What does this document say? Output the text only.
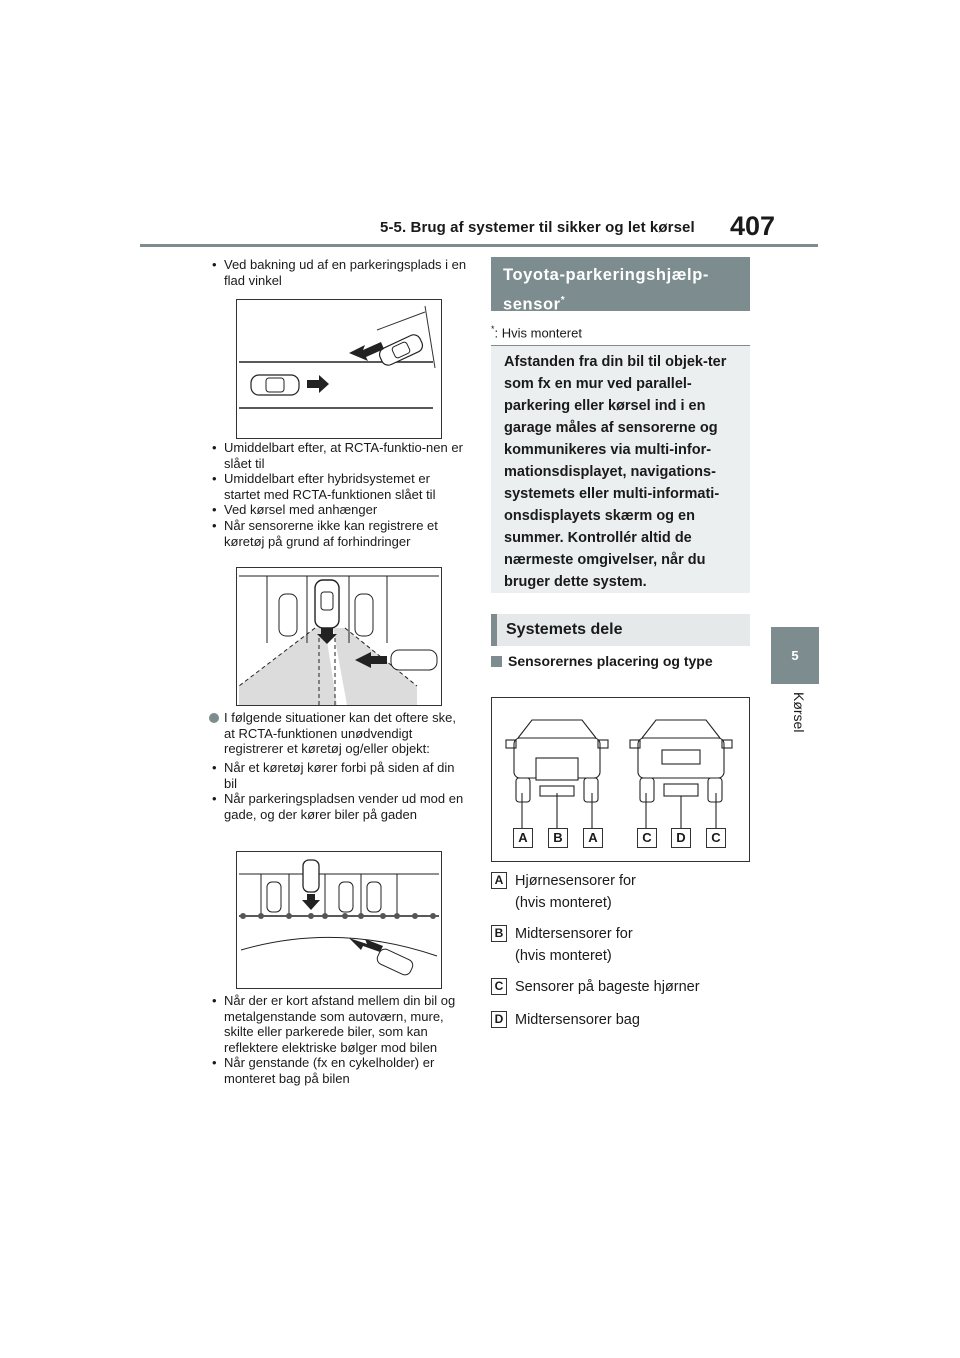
5-5. Brug af systemer til sikker og let kørsel 407
5
Kørsel
• Ved bakning ud af en parkeringsplads i en flad vinkel
• Umiddelbart efter, at RCTA-funktio-nen er slået til
• Umiddelbart efter hybridsystemet er startet med RCTA-funktionen slået til
• Ved kørsel med anhænger
• Når sensorerne ikke kan registrere et køretøj på grund af forhindringer
I følgende situationer kan det oftere ske, at RCTA-funktionen unødvendigt registrerer et køretøj og/eller objekt:
• Når et køretøj kører forbi på siden af din bil
• Når parkeringspladsen vender ud mod en gade, og der kører biler på gaden
• Når der er kort afstand mellem din bil og metalgenstande som autoværn, mure, skilte eller parkerede biler, som kan reflektere elektriske bølger mod bilen
• Når genstande (fx en cykelholder) er monteret bag på bilen
Toyota-parkeringshjælp-sensor*
*: Hvis monteret
Afstanden fra din bil til objek-ter som fx en mur ved parallel-parkering eller kørsel ind i en garage måles af sensorerne og kommunikeres via multi-infor-mationsdisplayet, navigations-systemets eller multi-informati-onsdisplayets skærm og en summer. Kontrollér altid de nærmeste omgivelser, når du bruger dette system.
Systemets dele
Sensorernes placering og type
A	B	A	C	D	C
A Hjørnesensorer for
(hvis monteret)
B Midtersensorer for
(hvis monteret)
C Sensorer på bageste hjørner
D Midtersensorer bag
